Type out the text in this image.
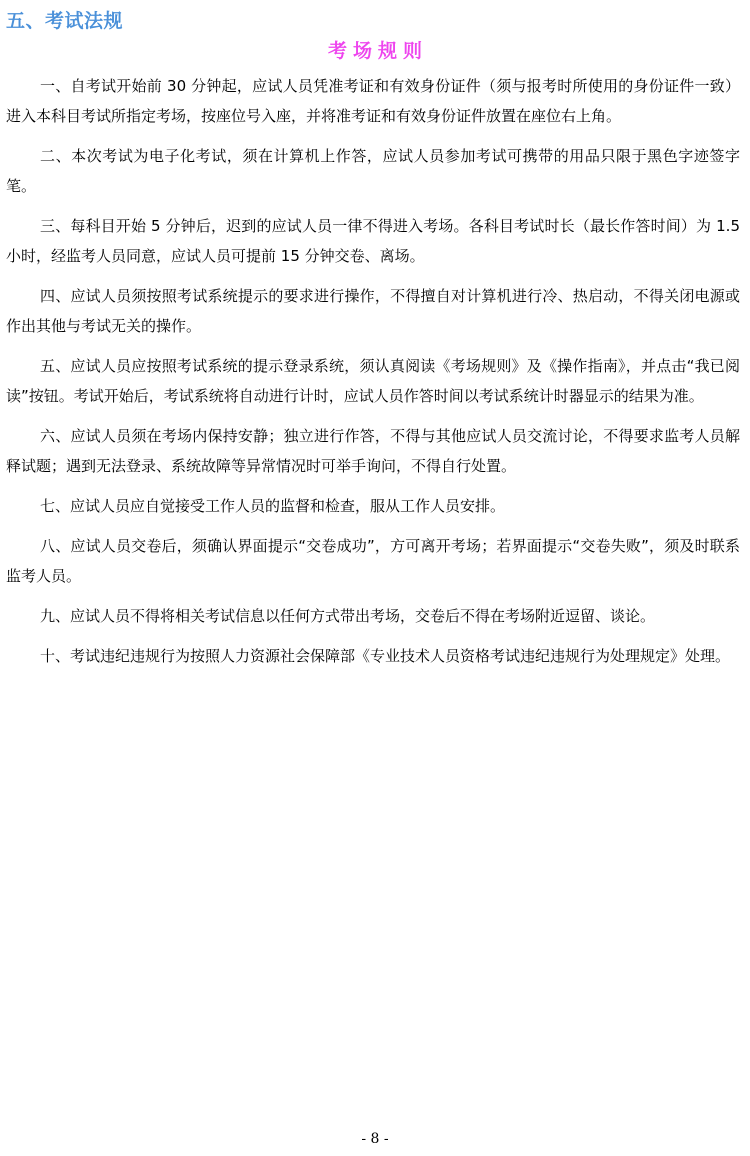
五、考试法规
考场规则

一、自考试开始前 30 分钟起，应试人员凭准考证和有效身份证件（须与报考时所使用的身份证件一致）进入本科目考试所指定考场，按座位号入座，并将准考证和有效身份证件放置在座位右上角。

二、本次考试为电子化考试，须在计算机上作答，应试人员参加考试可携带的用品只限于黑色字迹签字笔。

三、每科目开始 5 分钟后，迟到的应试人员一律不得进入考场。各科目考试时长（最长作答时间）为 1.5 小时，经监考人员同意，应试人员可提前 15 分钟交卷、离场。

四、应试人员须按照考试系统提示的要求进行操作，不得擅自对计算机进行冷、热启动，不得关闭电源或作出其他与考试无关的操作。

五、应试人员应按照考试系统的提示登录系统，须认真阅读《考场规则》及《操作指南》，并点击“我已阅读”按钮。考试开始后，考试系统将自动进行计时，应试人员作答时间以考试系统计时器显示的结果为准。

六、应试人员须在考场内保持安静；独立进行作答，不得与其他应试人员交流讨论，不得要求监考人员解释试题；遇到无法登录、系统故障等异常情况时可举手询问，不得自行处置。

七、应试人员应自觉接受工作人员的监督和检查，服从工作人员安排。

八、应试人员交卷后，须确认界面提示“交卷成功”，方可离开考场；若界面提示“交卷失败”，须及时联系监考人员。

九、应试人员不得将相关考试信息以任何方式带出考场，交卷后不得在考场附近逗留、谈论。

十、考试违纪违规行为按照人力资源社会保障部《专业技术人员资格考试违纪违规行为处理规定》处理。

- 8 -
